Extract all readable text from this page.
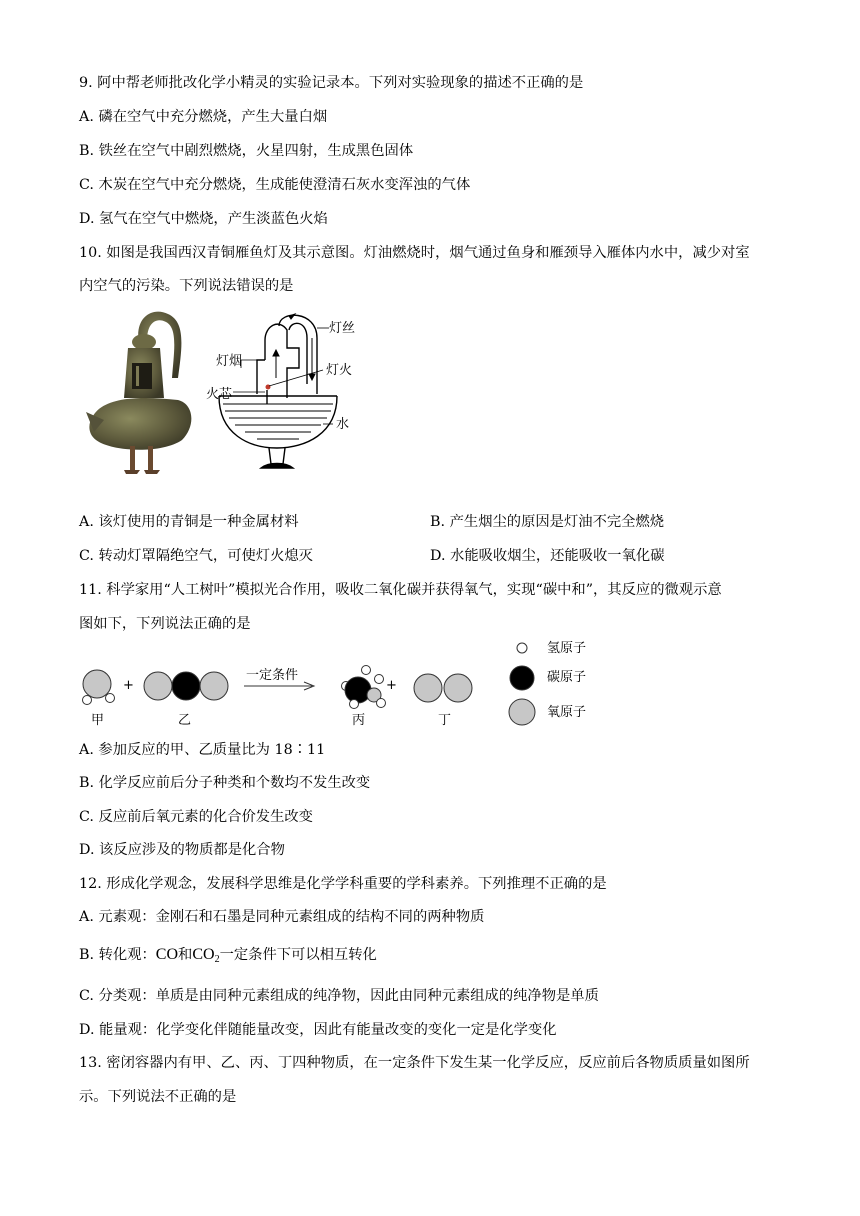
9. 阿中帮老师批改化学小精灵的实验记录本。下列对实验现象的描述不正确的是
A. 磷在空气中充分燃烧，产生大量白烟
B. 铁丝在空气中剧烈燃烧，火星四射，生成黑色固体
C. 木炭在空气中充分燃烧，生成能使澄清石灰水变浑浊的气体
D. 氢气在空气中燃烧，产生淡蓝色火焰
10. 如图是我国西汉青铜雁鱼灯及其示意图。灯油燃烧时，烟气通过鱼身和雁颈导入雁体内水中，减少对室
内空气的污染。下列说法错误的是
灯丝
灯烟
灯火
火芯
水
A. 该灯使用的青铜是一种金属材料	B. 产生烟尘的原因是灯油不完全燃烧
C. 转动灯罩隔绝空气，可使灯火熄灭	D. 水能吸收烟尘，还能吸收一氧化碳
11. 科学家用“人工树叶”模拟光合作用，吸收二氧化碳并获得氧气，实现“碳中和”，其反应的微观示意
图如下，下列说法正确的是
+	+
一定条件
甲	乙	丙	丁
氢原子
碳原子
氧原子
A. 参加反应的甲、乙质量比为 18∶11
B. 化学反应前后分子种类和个数均不发生改变
C. 反应前后氧元素的化合价发生改变
D. 该反应涉及的物质都是化合物
12. 形成化学观念，发展科学思维是化学学科重要的学科素养。下列推理不正确的是
A. 元素观：金刚石和石墨是同种元素组成的结构不同的两种物质
B. 转化观：CO和$CO_2$一定条件下可以相互转化
C. 分类观：单质是由同种元素组成的纯净物，因此由同种元素组成的纯净物是单质
D. 能量观：化学变化伴随能量改变，因此有能量改变的变化一定是化学变化
13. 密闭容器内有甲、乙、丙、丁四种物质，在一定条件下发生某一化学反应，反应前后各物质质量如图所
示。下列说法不正确的是
